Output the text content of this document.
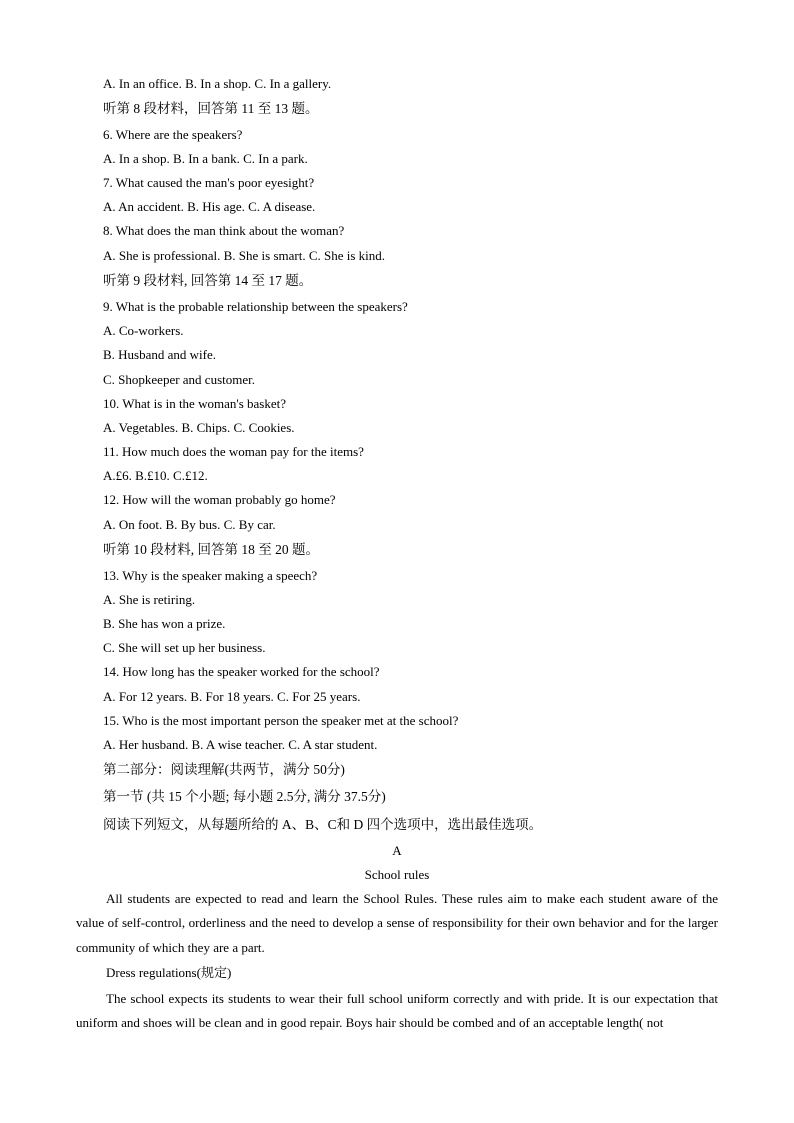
A. In an office. B. In a shop. C. In a gallery.
听第 8 段材料，回答第 11 至 13 题。
6. Where are the speakers?
A. In a shop. B. In a bank. C. In a park.
7. What caused the man's poor eyesight?
A. An accident. B. His age. C. A disease.
8. What does the man think about the woman?
A. She is professional. B. She is smart. C. She is kind.
听第 9 段材料, 回答第 14 至 17 题。
9. What is the probable relationship between the speakers?
A. Co-workers.
B. Husband and wife.
C. Shopkeeper and customer.
10. What is in the woman's basket?
A. Vegetables. B. Chips. C. Cookies.
11. How much does the woman pay for the items?
A.£6. B.£10. C.£12.
12. How will the woman probably go home?
A. On foot. B. By bus. C. By car.
听第 10 段材料, 回答第 18 至 20 题。
13. Why is the speaker making a speech?
A. She is retiring.
B. She has won a prize.
C. She will set up her business.
14. How long has the speaker worked for the school?
A. For 12 years. B. For 18 years. C. For 25 years.
15. Who is the most important person the speaker met at the school?
A. Her husband. B. A wise teacher. C. A star student.
第二部分：阅读理解(共两节，满分 50分)
第一节 (共 15 个小题; 每小题 2.5分, 满分 37.5分)
阅读下列短文，从每题所给的 A、B、C和 D 四个选项中，选出最佳选项。
A
School rules
All students are expected to read and learn the School Rules. These rules aim to make each student aware of the value of self-control, orderliness and the need to develop a sense of responsibility for their own behavior and for the larger community of which they are a part.
Dress regulations(规定)
The school expects its students to wear their full school uniform correctly and with pride. It is our expectation that uniform and shoes will be clean and in good repair. Boys hair should be combed and of an acceptable length( not
